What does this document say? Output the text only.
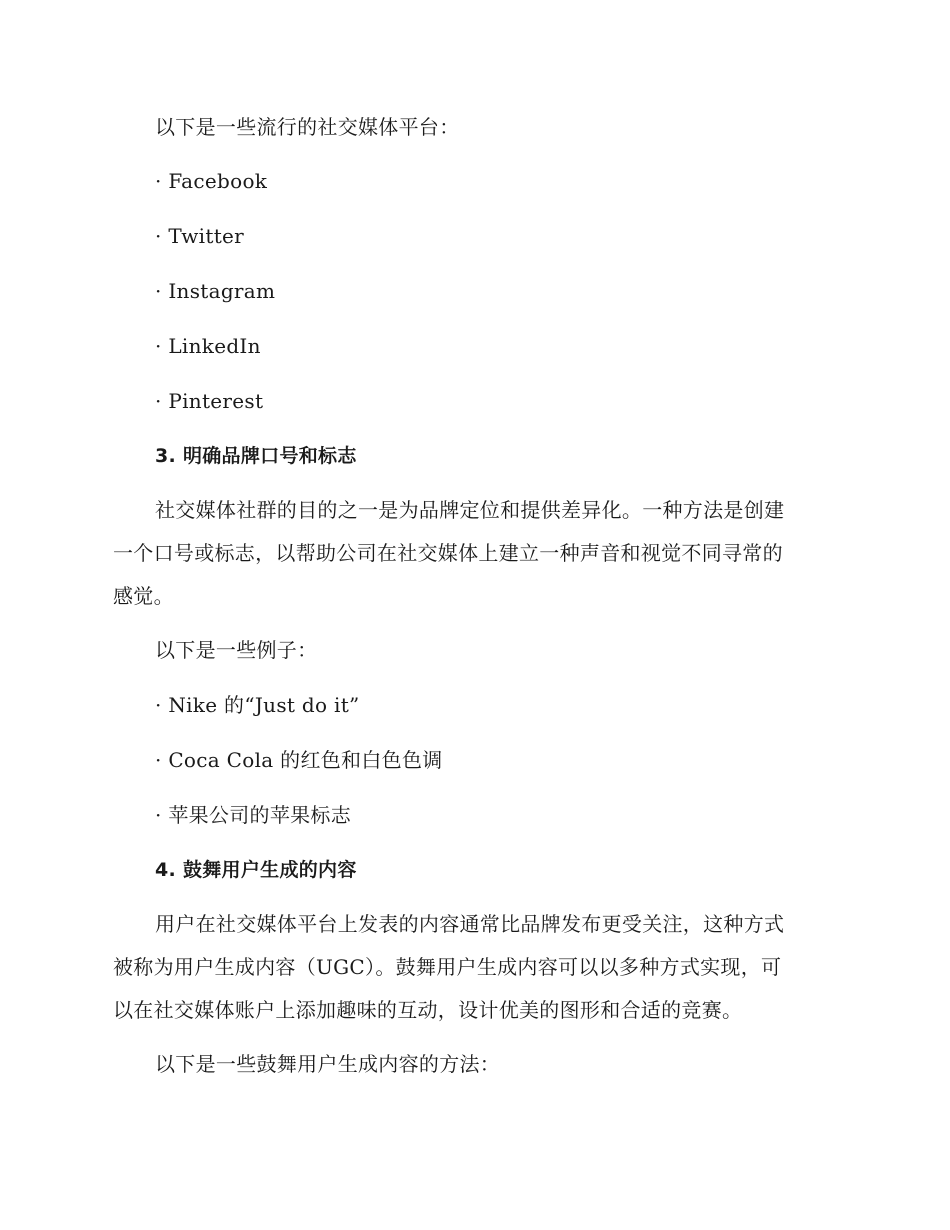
以下是一些流行的社交媒体平台：
· Facebook
· Twitter
· Instagram
· LinkedIn
· Pinterest
3. 明确品牌口号和标志
社交媒体社群的目的之一是为品牌定位和提供差异化。一种方法是创建
一个口号或标志，以帮助公司在社交媒体上建立一种声音和视觉不同寻常的
感觉。
以下是一些例子：
· Nike 的“Just do it”
· Coca Cola 的红色和白色色调
· 苹果公司的苹果标志
4. 鼓舞用户生成的内容
用户在社交媒体平台上发表的内容通常比品牌发布更受关注，这种方式
被称为用户生成内容（UGC）。鼓舞用户生成内容可以以多种方式实现，可
以在社交媒体账户上添加趣味的互动，设计优美的图形和合适的竞赛。
以下是一些鼓舞用户生成内容的方法：
